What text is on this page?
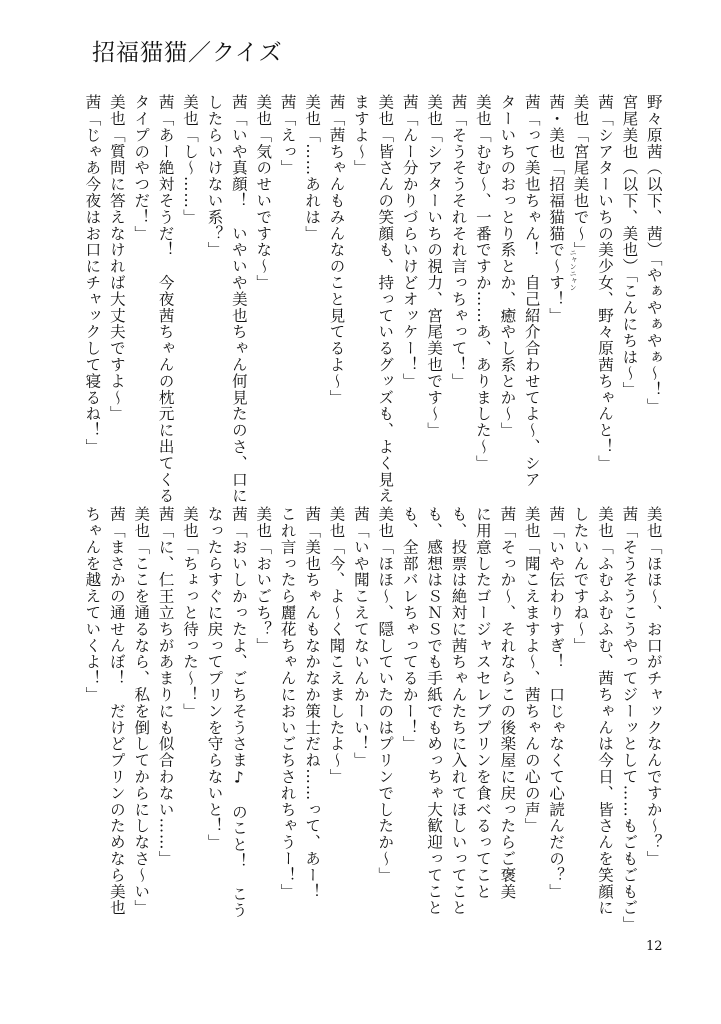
招福猫猫／クイズ
野々原茜（以下、茜）「やぁやぁやぁ〜！」
宮尾美也（以下、美也）「こんにちは〜」
茜「シアターいちの美少女、野々原茜ちゃんと！」
美也「宮尾美也で〜」
茜・美也「招福猫猫で〜す！」 ニャンニャン
茜「って美也ちゃん！　自己紹介合わせてよ〜、シア
ターいちのおっとり系とか、癒やし系とか〜」
美也「むむ〜、一番ですか……あ、ありました〜」
茜「そうそうそれそれ言っちゃって！」
美也「シアターいちの視力、宮尾美也です〜」
茜「んー分かりづらいけどオッケー！」
美也「皆さんの笑顔も、持っているグッズも、よく見え
ますよ〜」
茜「茜ちゃんもみんなのこと見てるよ〜」
美也「……あれは」
茜「えっ」
美也「気のせいですな〜」
茜「いや真顔！　いやいや美也ちゃん何見たのさ、口に
したらいけない系？」
美也「し〜……」
茜「あー絶対そうだ！　今夜茜ちゃんの枕元に出てくる
タイプのやつだ！」
美也「質問に答えなければ大丈夫ですよ〜」
茜「じゃあ今夜はお口にチャックして寝るね！」
美也「ほほ〜、お口がチャックなんですか〜？」
茜「そうそうこうやってジーッとして……もごもごもご」
美也「ふむふむふむ、茜ちゃんは今日、皆さんを笑顔に
したいんですね〜」
茜「いや伝わりすぎ！　口じゃなくて心読んだの？」
美也「聞こえますよ〜、茜ちゃんの心の声」
茜「そっか〜、それならこの後楽屋に戻ったらご褒美
に用意したゴージャスセレブプリンを食べるってこと
も、投票は絶対に茜ちゃんたちに入れてほしいってこと
も、感想はＳＮＳでも手紙でもめっちゃ大歓迎ってこと
も、全部バレちゃってるかー！」
美也「ほほ〜、隠していたのはプリンでしたか〜」
茜「いや聞こえてないんかーい！」
美也「今、よ〜く聞こえましたよ〜」
茜「美也ちゃんもなかなか策士だね……って、あー！
これ言ったら麗花ちゃんにおいごちされちゃうー！」
美也「おいごち？」
茜「おいしかったよ、ごちそうさま♪　のこと！　こう
なったらすぐに戻ってプリンを守らないと！」
美也「ちょっと待った〜！」
茜「に、仁王立ちがあまりにも似合わない……」
美也「ここを通るなら、私を倒してからにしなさ〜い」
茜「まさかの通せんぼ！　だけどプリンのためなら美也
ちゃんを越えていくよ！」
12
